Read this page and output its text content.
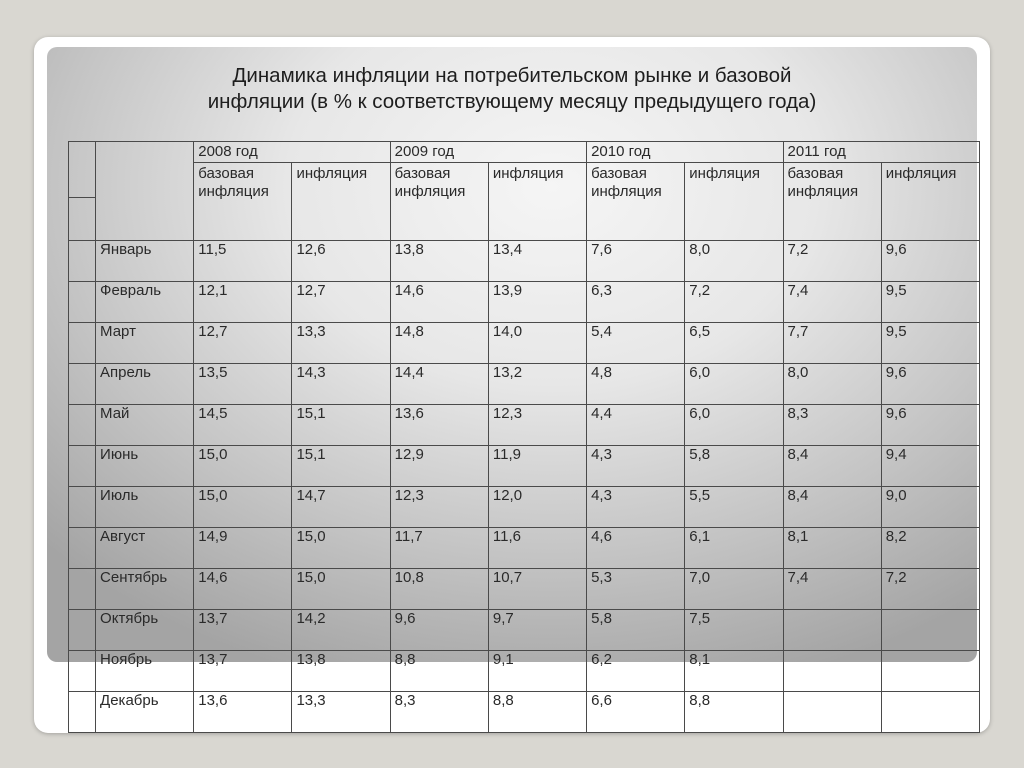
Динамика инфляции на потребительском рынке и базовой
инфляции (в % к соответствующему месяцу предыдущего года)
		2008 год		2009 год		2010 год		2011 год	
		базовая инфляция	инфляция	базовая инфляция	инфляция	базовая инфляция	инфляция	базовая инфляция	инфляция
	Январь	11,5	12,6	13,8	13,4	7,6	8,0	7,2	9,6
	Февраль	12,1	12,7	14,6	13,9	6,3	7,2	7,4	9,5
	Март	12,7	13,3	14,8	14,0	5,4	6,5	7,7	9,5
	Апрель	13,5	14,3	14,4	13,2	4,8	6,0	8,0	9,6
	Май	14,5	15,1	13,6	12,3	4,4	6,0	8,3	9,6
	Июнь	15,0	15,1	12,9	11,9	4,3	5,8	8,4	9,4
	Июль	15,0	14,7	12,3	12,0	4,3	5,5	8,4	9,0
	Август	14,9	15,0	11,7	11,6	4,6	6,1	8,1	8,2
	Сентябрь	14,6	15,0	10,8	10,7	5,3	7,0	7,4	7,2
	Октябрь	13,7	14,2	9,6	9,7	5,8	7,5		
	Ноябрь	13,7	13,8	8,8	9,1	6,2	8,1		
	Декабрь	13,6	13,3	8,3	8,8	6,6	8,8		
